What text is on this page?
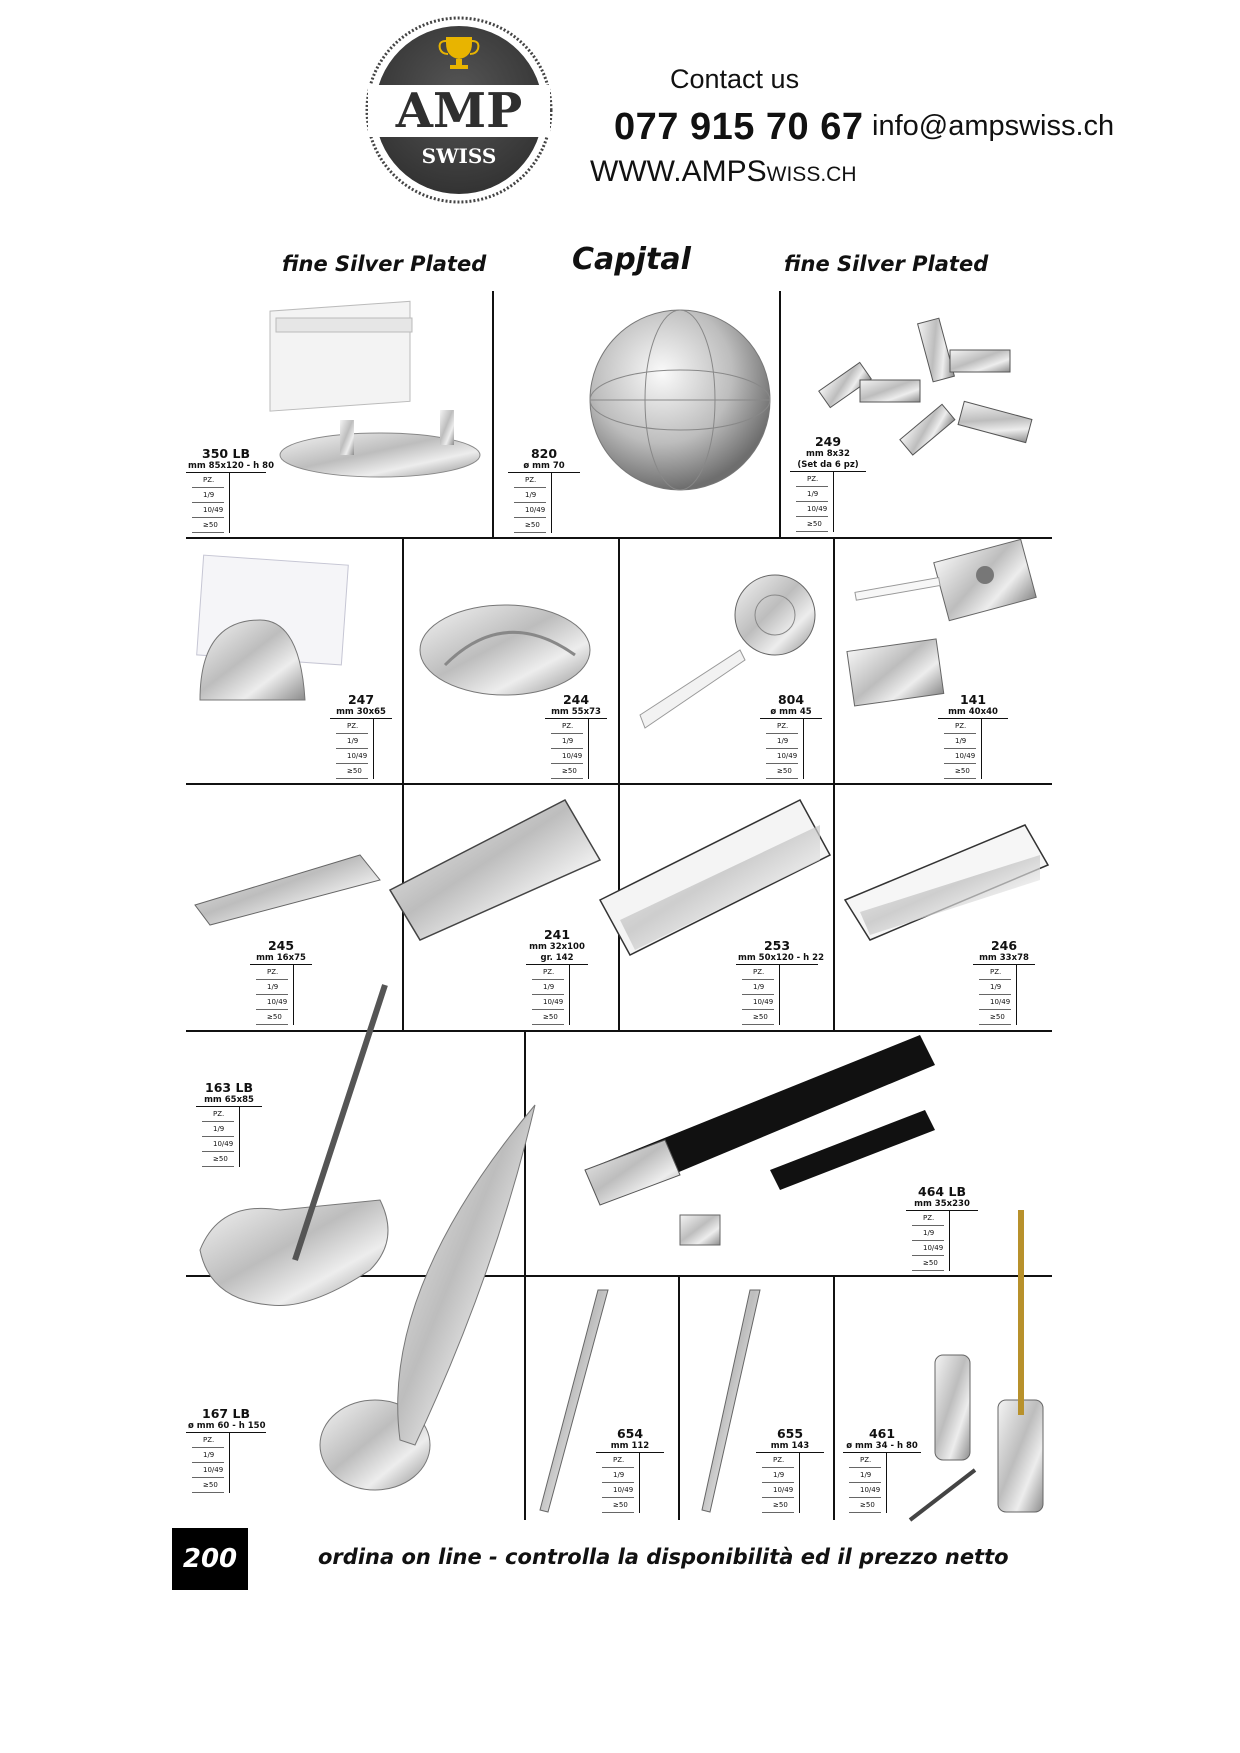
AMP
SWISS
Contact us
077 915 70 67 info@ampswiss.ch
WWW.AMPSWISS.CH
fine Silver Plated	Capjtal	fine Silver Plated
350 LB
mm 85x120 - h 80
PZ.
1/9
10/49
≥50
820
ø mm 70
PZ.
1/9
10/49
≥50
249
mm 8x32
(Set da 6 pz)
PZ.
1/9
10/49
≥50
247
mm 30x65
PZ.
1/9
10/49
≥50
244
mm 55x73
PZ.
1/9
10/49
≥50
804
ø mm 45
PZ.
1/9
10/49
≥50
141
mm 40x40
PZ.
1/9
10/49
≥50
245
mm 16x75
PZ.
1/9
10/49
≥50
241
mm 32x100
gr. 142
PZ.
1/9
10/49
≥50
253
mm 50x120 - h 22
PZ.
1/9
10/49
≥50
246
mm 33x78
PZ.
1/9
10/49
≥50
163 LB
mm 65x85
PZ.
1/9
10/49
≥50
464 LB
mm 35x230
PZ.
1/9
10/49
≥50
167 LB
ø mm 60 - h 150
PZ.
1/9
10/49
≥50
654
mm 112
PZ.
1/9
10/49
≥50
655
mm 143
PZ.
1/9
10/49
≥50
461
ø mm 34 - h 80
PZ.
1/9
10/49
≥50
200	ordina on line - controlla la disponibilità ed il prezzo netto
